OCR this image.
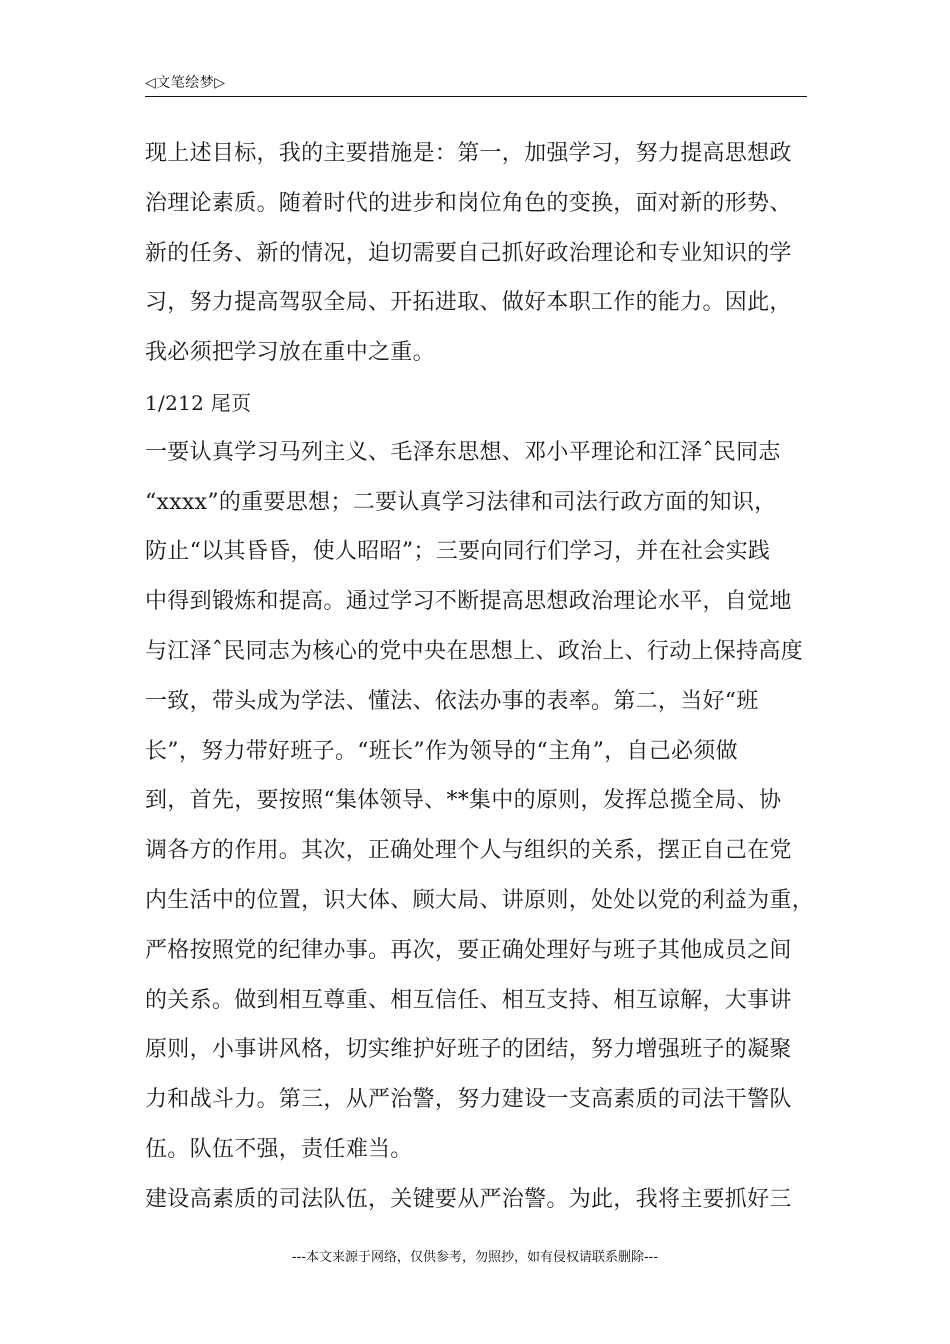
◁文笔绘梦▷
现上述目标，我的主要措施是：第一，加强学习，努力提高思想政
治理论素质。随着时代的进步和岗位角色的变换，面对新的形势、
新的任务、新的情况，迫切需要自己抓好政治理论和专业知识的学
习，努力提高驾驭全局、开拓进取、做好本职工作的能力。因此，
我必须把学习放在重中之重。
1/212 尾页
一要认真学习马列主义、毛泽东思想、邓小平理论和江泽ˆ民同志
“xxxx”的重要思想；二要认真学习法律和司法行政方面的知识，
防止“以其昏昏，使人昭昭”；三要向同行们学习，并在社会实践
中得到锻炼和提高。通过学习不断提高思想政治理论水平，自觉地
与江泽ˆ民同志为核心的党中央在思想上、政治上、行动上保持高度
一致，带头成为学法、懂法、依法办事的表率。第二，当好“班
长”，努力带好班子。“班长”作为领导的“主角”，自己必须做
到，首先，要按照“集体领导、**集中的原则，发挥总揽全局、协
调各方的作用。其次，正确处理个人与组织的关系，摆正自己在党
内生活中的位置，识大体、顾大局、讲原则，处处以党的利益为重，
严格按照党的纪律办事。再次，要正确处理好与班子其他成员之间
的关系。做到相互尊重、相互信任、相互支持、相互谅解，大事讲
原则，小事讲风格，切实维护好班子的团结，努力增强班子的凝聚
力和战斗力。第三，从严治警，努力建设一支高素质的司法干警队
伍。队伍不强，责任难当。
建设高素质的司法队伍，关键要从严治警。为此，我将主要抓好三
---本文来源于网络，仅供参考，勿照抄，如有侵权请联系删除---
